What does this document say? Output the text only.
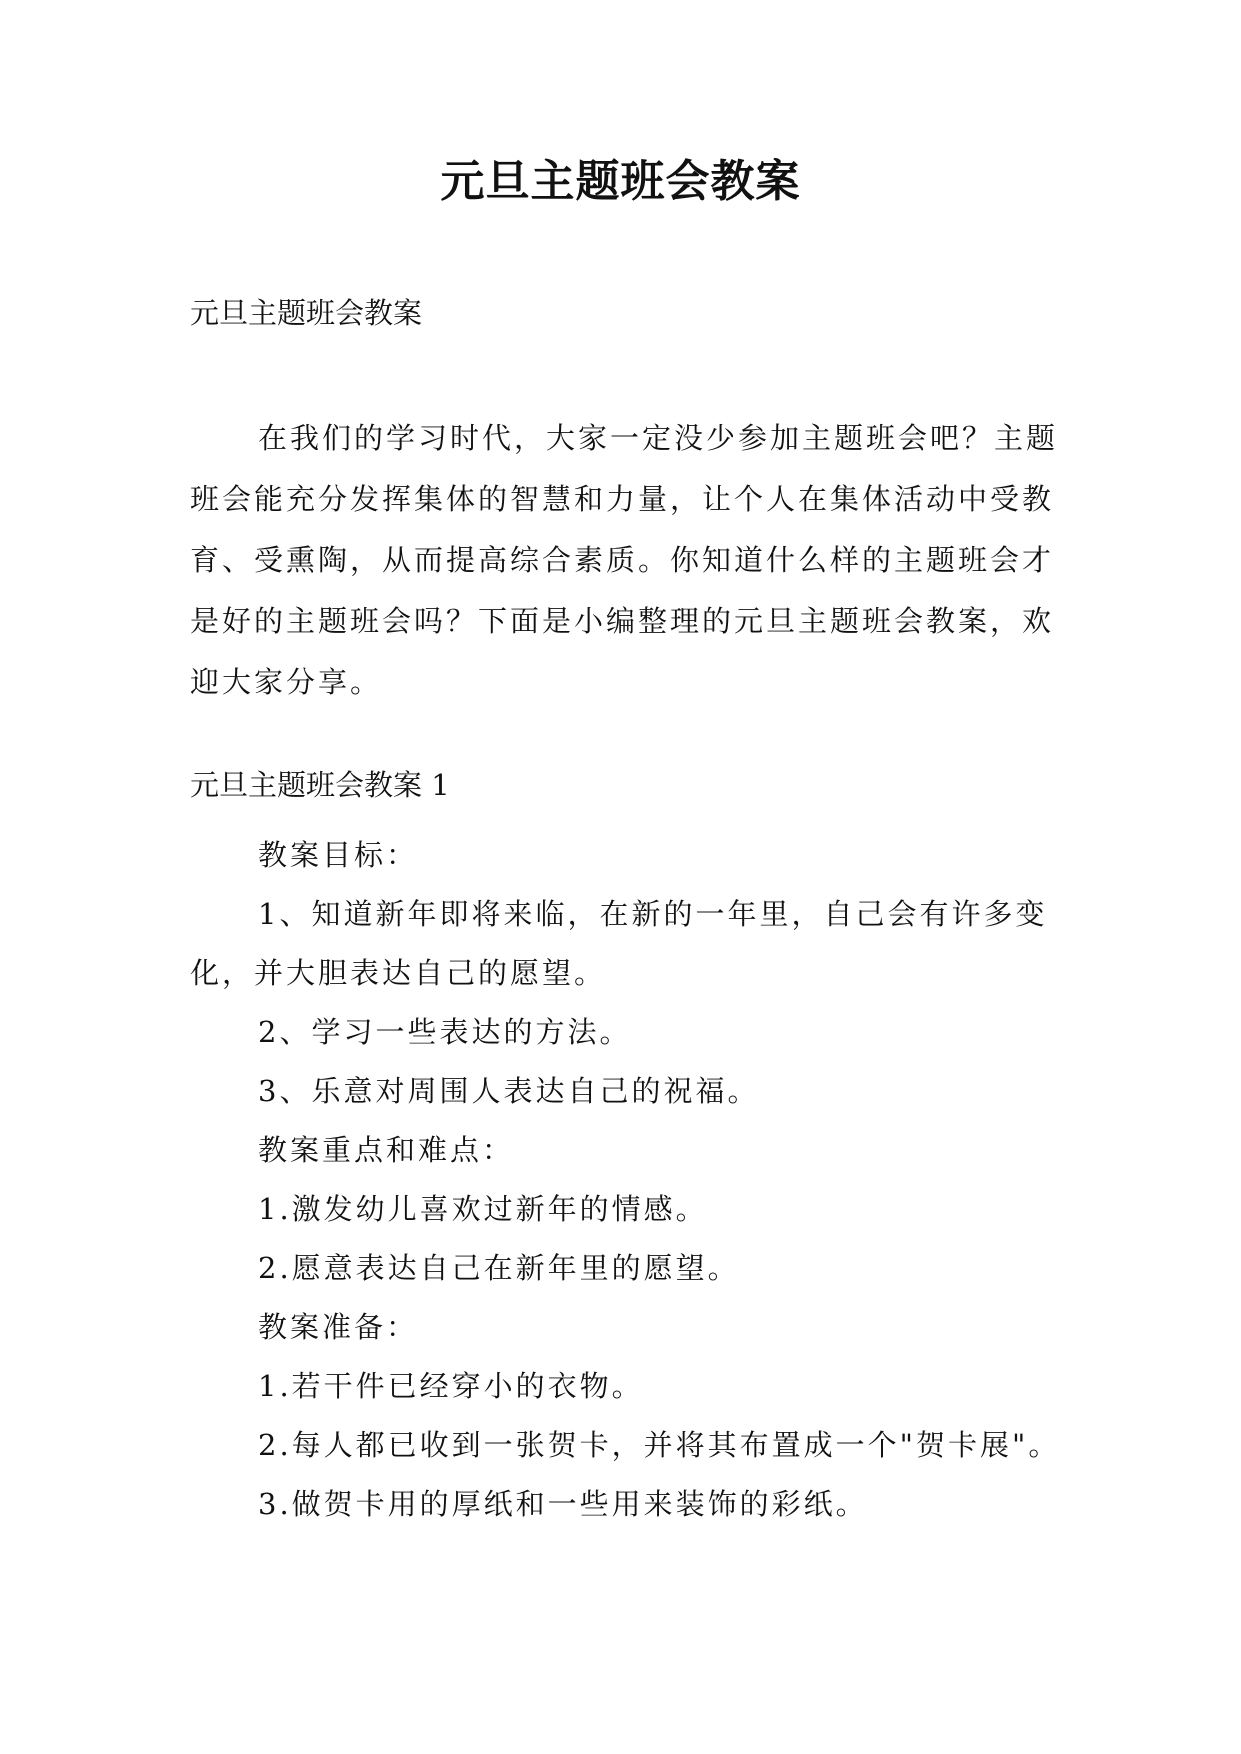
元旦主题班会教案
元旦主题班会教案

在我们的学习时代，大家一定没少参加主题班会吧？主题班会能充分发挥集体的智慧和力量，让个人在集体活动中受教育、受熏陶，从而提高综合素质。你知道什么样的主题班会才是好的主题班会吗？下面是小编整理的元旦主题班会教案，欢迎大家分享。

元旦主题班会教案 1

教案目标：

1、知道新年即将来临，在新的一年里，自己会有许多变化，并大胆表达自己的愿望。

2、学习一些表达的方法。

3、乐意对周围人表达自己的祝福。

教案重点和难点：

1.激发幼儿喜欢过新年的情感。

2.愿意表达自己在新年里的愿望。

教案准备：

1.若干件已经穿小的衣物。

2.每人都已收到一张贺卡，并将其布置成一个"贺卡展"。

3.做贺卡用的厚纸和一些用来装饰的彩纸。
